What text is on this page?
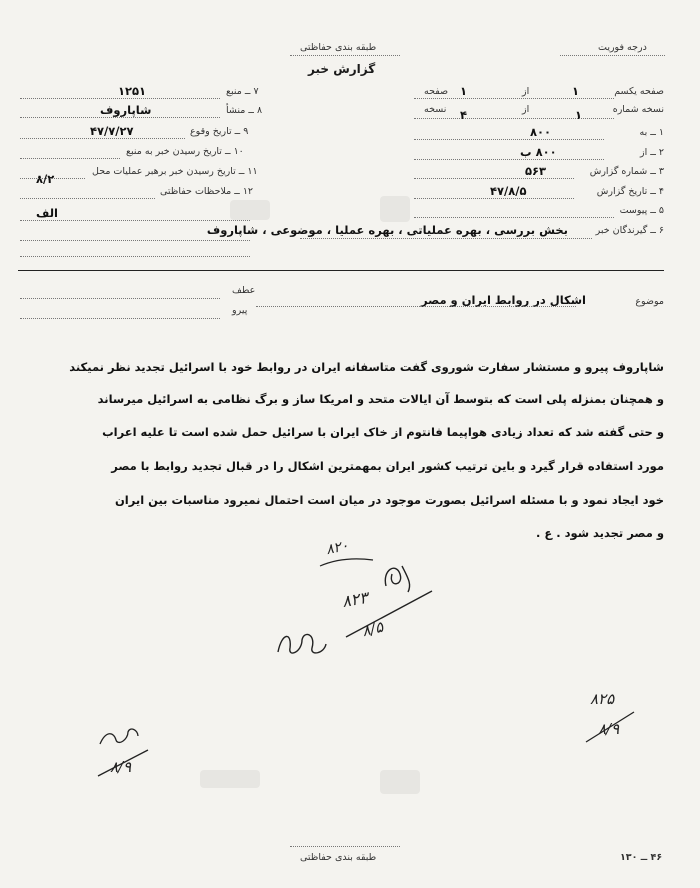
طبقه بندی حفاظتی
گزارش خبر
درجه فوریت
صفحه یکسم
۱
از
۱
صفحه
نسخه شماره
۱
از
۴
نسخه
۱ ــ به
۸۰۰
۲ ــ از
۸۰۰ ب
۳ ــ شماره گزارش
۵۶۳
۴ ــ تاریخ گزارش
۴۷/۸/۵
۵ ــ پیوست
۶ ــ گیرندگان خبر
بخش بررسی ، بهره عملیاتی ، بهره عملیا ، موضوعی ، شاپاروف
۷ ــ منبع
۱۲۵۱
۸ ــ منشأ
شاپاروف
۹ ــ تاریخ وقوع
۴۷/۷/۲۷
۱۰ ــ تاریخ رسیدن خبر به منبع
۱۱ ــ تاریخ رسیدن خبر برهبر عملیات محل
۸/۲
۱۲ ــ ملاحظات حفاظتی
الف
موضوع
اشکال در روابط ایران و مصر
عطف
پیرو
شاپاروف پیرو و مستشار سفارت شوروی گفت متاسفانه ایران در روابط خود با اسرائیل تجدید نظر نمیکند
و همچنان بمنزله پلی است که بتوسط آن ایالات متحد و امریکا ساز و برگ نظامی به اسرائیل میرساند
و حتی گفته شد که تعداد زیادی هواپیما فانتوم از خاک ایران با سرائیل حمل شده است تا علیه اعراب
مورد استفاده قرار گیرد و باین ترتیب کشور ایران بمهمترین اشکال را در قبال تجدید روابط با مصر
خود ایجاد نمود و با مسئله اسرائیل بصورت موجود در میان است احتمال نمیرود مناسبات بین ایران
و مصر تجدید شود . ع .
۸۲۰
۸۲۳
۸/۵
۸۲۵
۸/۹
۸/۹
طبقه بندی حفاظتی	۴۶ ــ ۱۳۰
